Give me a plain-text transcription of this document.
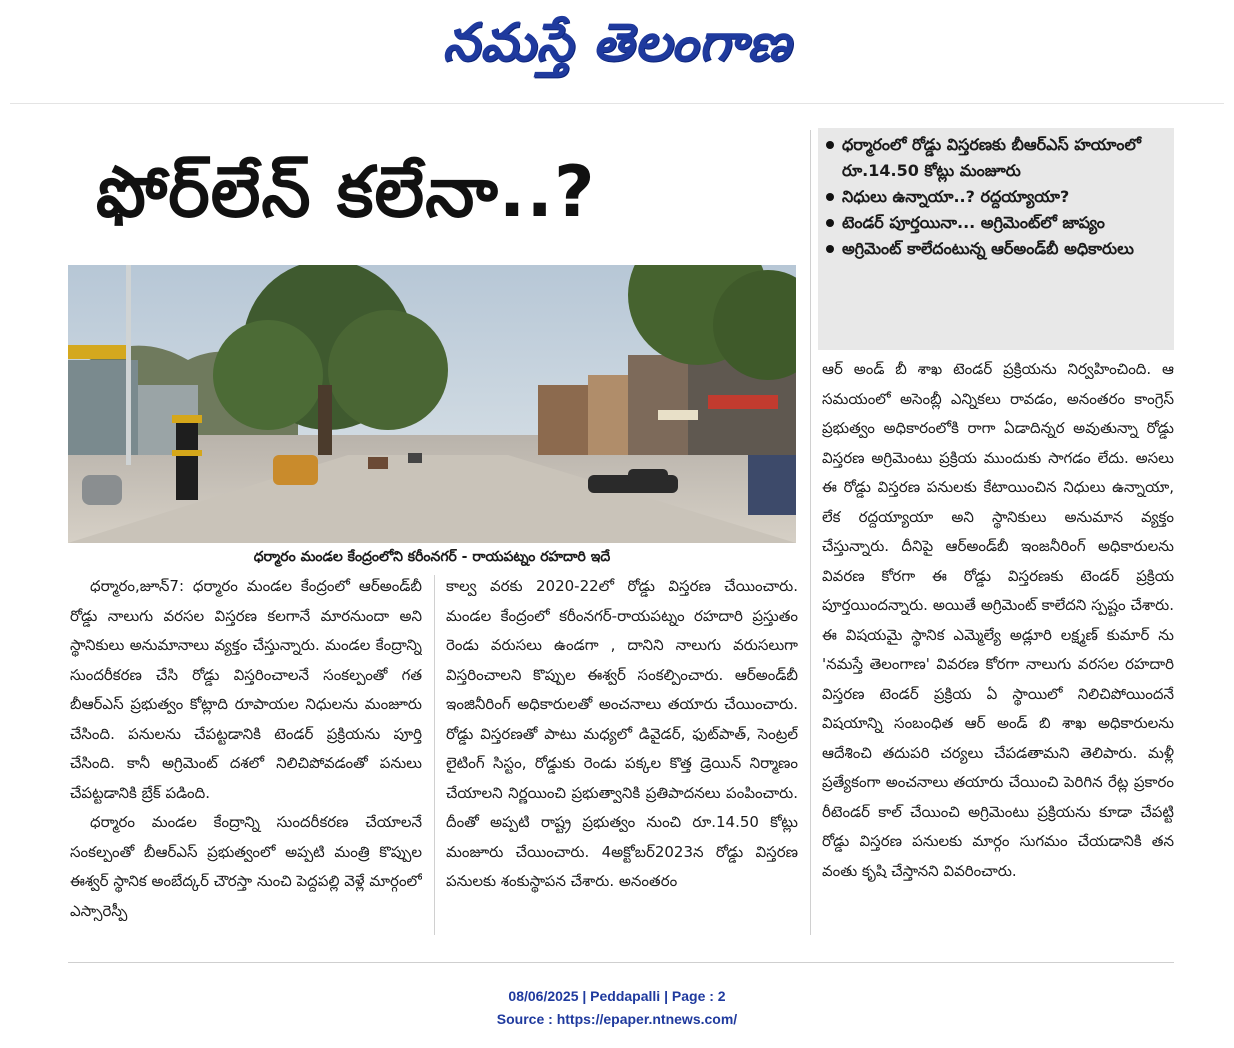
నమస్తే తెలంగాణ
ఫోర్‌లేన్ కలేనా..?
ధర్మారం మండల కేంద్రంలోని కరీంనగర్ - రాయపట్నం రహదారి ఇదే
ధర్మారంలో రోడ్డు విస్తరణకు బీఆర్ఎస్ హయాంలో రూ.14.50 కోట్లు మంజూరు
నిధులు ఉన్నాయా..? రద్దయ్యాయా?
టెండర్ పూర్తయినా... అగ్రిమెంట్‌లో జాప్యం
అగ్రిమెంట్ కాలేదంటున్న ఆర్‌అండ్‌బీ అధికారులు

ధర్మారం,జూన్7: ధర్మారం మండల కేంద్రంలో ఆర్‌అండ్‌బీ రోడ్డు నాలుగు వరసల విస్తరణ కలగానే మారనుందా అని స్థానికులు అనుమానాలు వ్యక్తం చేస్తున్నారు. మండల కేంద్రాన్ని సుందరీకరణ చేసి రోడ్డు విస్తరించాలనే సంకల్పంతో గత బీఆర్ఎస్ ప్రభుత్వం కోట్లాది రూపాయల నిధులను మంజూరు చేసింది. పనులను చేపట్టడానికి టెండర్ ప్రక్రియను పూర్తి చేసింది. కానీ అగ్రిమెంట్ దశలో నిలిచిపోవడంతో పనులు చేపట్టడానికి బ్రేక్ పడింది.

ధర్మారం మండల కేంద్రాన్ని సుందరీకరణ చేయాలనే సంకల్పంతో బీఆర్ఎస్ ప్రభుత్వంలో అప్పటి మంత్రి కొప్పుల ఈశ్వర్ స్థానిక అంబేద్కర్ చౌరస్తా నుంచి పెద్దపల్లి వెళ్లే మార్గంలో ఎస్సారెస్పీ

కాల్వ వరకు 2020-22లో రోడ్డు విస్తరణ చేయించారు. మండల కేంద్రంలో కరీంనగర్-రాయపట్నం రహదారి ప్రస్తుతం రెండు వరుసలు ఉండగా , దానిని నాలుగు వరుసలుగా విస్తరించాలని కొప్పుల ఈశ్వర్ సంకల్పించారు. ఆర్‌అండ్‌బీ ఇంజినీరింగ్ అధికారులతో అంచనాలు తయారు చేయించారు. రోడ్డు విస్తరణతో పాటు మధ్యలో డివైడర్, ఫుట్‌పాత్, సెంట్రల్ లైటింగ్ సిస్టం, రోడ్డుకు రెండు పక్కల కొత్త డ్రెయిన్ నిర్మాణం చేయాలని నిర్ణయించి ప్రభుత్వానికి ప్రతిపాదనలు పంపించారు. దీంతో అప్పటి రాష్ట్ర ప్రభుత్వం నుంచి రూ.14.50 కోట్లు మంజూరు చేయించారు. 4అక్టోబర్2023న రోడ్డు విస్తరణ పనులకు శంకుస్థాపన చేశారు. అనంతరం

ఆర్ అండ్ బీ శాఖ టెండర్ ప్రక్రియను నిర్వహించింది. ఆ సమయంలో అసెంబ్లీ ఎన్నికలు రావడం, అనంతరం కాంగ్రెస్ ప్రభుత్వం అధికారంలోకి రాగా ఏడాదిన్నర అవుతున్నా రోడ్డు విస్తరణ అగ్రిమెంటు ప్రక్రియ ముందుకు సాగడం లేదు. అసలు ఈ రోడ్డు విస్తరణ పనులకు కేటాయించిన నిధులు ఉన్నాయా, లేక రద్దయ్యాయా అని స్థానికులు అనుమాన వ్యక్తం చేస్తున్నారు. దీనిపై ఆర్‌అండ్‌బీ ఇంజనీరింగ్ అధికారులను వివరణ కోరగా ఈ రోడ్డు విస్తరణకు టెండర్ ప్రక్రియ పూర్తయిందన్నారు. అయితే అగ్రిమెంట్ కాలేదని స్పష్టం చేశారు. ఈ విషయమై స్థానిక ఎమ్మెల్యే అడ్లూరి లక్ష్మణ్ కుమార్ ను 'నమస్తే తెలంగాణ' వివరణ కోరగా నాలుగు వరసల రహదారి విస్తరణ టెండర్ ప్రక్రియ ఏ స్థాయిలో నిలిచిపోయిందనే విషయాన్ని సంబంధిత ఆర్ అండ్ బి శాఖ అధికారులను ఆదేశించి తదుపరి చర్యలు చేపడతామని తెలిపారు. మళ్లీ ప్రత్యేకంగా అంచనాలు తయారు చేయించి పెరిగిన రేట్ల ప్రకారం రీటెండర్ కాల్ చేయించి అగ్రిమెంటు ప్రక్రియను కూడా చేపట్టి రోడ్డు విస్తరణ పనులకు మార్గం సుగమం చేయడానికి తన వంతు కృషి చేస్తానని వివరించారు.

08/06/2025 | Peddapalli | Page : 2
Source : https://epaper.ntnews.com/
